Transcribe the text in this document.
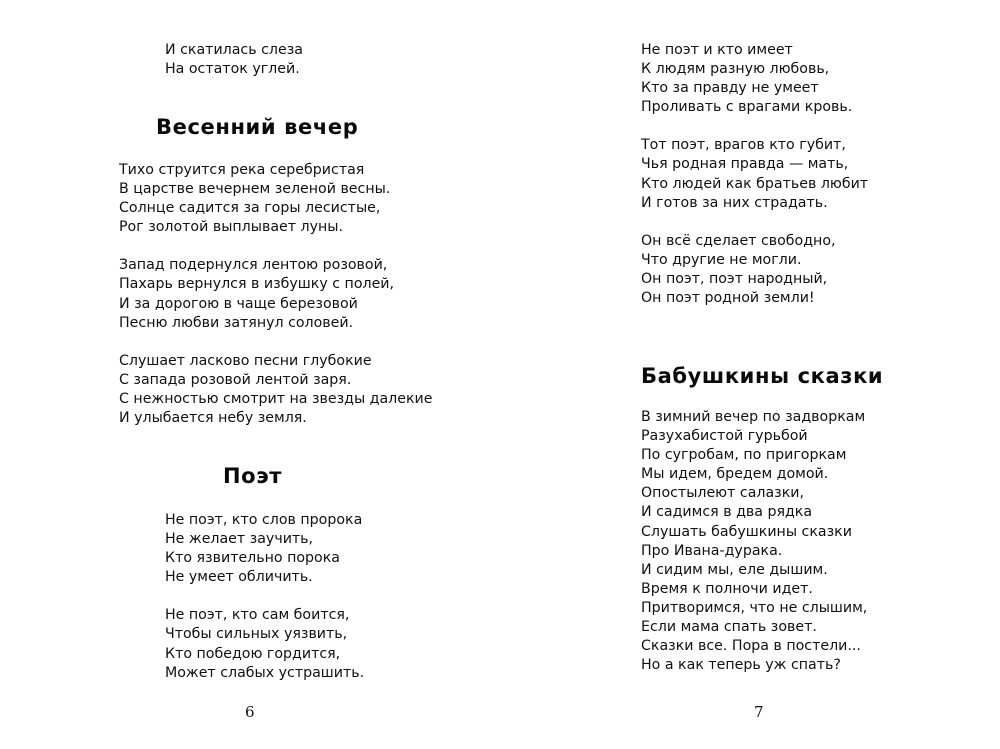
И скатилась слеза
На остаток углей.

Весенний вечер

Тихо струится река серебристая
В царстве вечернем зеленой весны.
Солнце садится за горы лесистые,
Рог золотой выплывает луны.

Запад подернулся лентою розовой,
Пахарь вернулся в избушку с полей,
И за дорогою в чаще березовой
Песню любви затянул соловей.

Слушает ласково песни глубокие
С запада розовой лентой заря.
С нежностью смотрит на звезды далекие
И улыбается небу земля.

Поэт

Не поэт, кто слов пророка
Не желает заучить,
Кто язвительно порока
Не умеет обличить.

Не поэт, кто сам боится,
Чтобы сильных уязвить,
Кто победою гордится,
Может слабых устрашить.

6

Не поэт и кто имеет
К людям разную любовь,
Кто за правду не умеет
Проливать с врагами кровь.

Тот поэт, врагов кто губит,
Чья родная правда — мать,
Кто людей как братьев любит
И готов за них страдать.

Он всё сделает свободно,
Что другие не могли.
Он поэт, поэт народный,
Он поэт родной земли!

Бабушкины сказки

В зимний вечер по задворкам
Разухабистой гурьбой
По сугробам, по пригоркам
Мы идем, бредем домой.
Опостылеют салазки,
И садимся в два рядка
Слушать бабушкины сказки
Про Ивана-дурака.
И сидим мы, еле дышим.
Время к полночи идет.
Притворимся, что не слышим,
Если мама спать зовет.
Сказки все. Пора в постели...
Но а как теперь уж спать?

7
